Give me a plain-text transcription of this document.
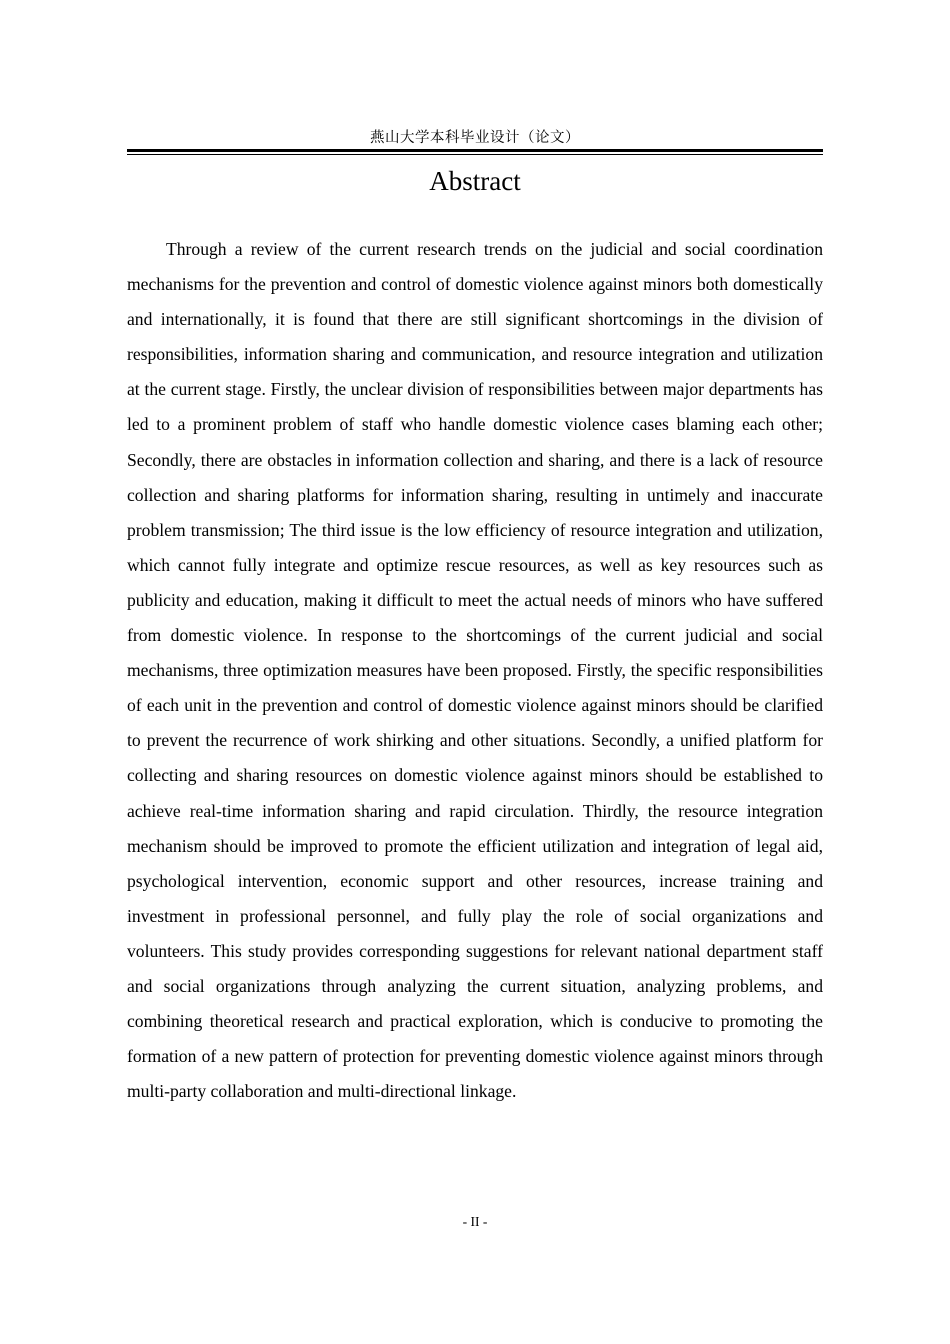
燕山大学本科毕业设计（论文）
Abstract

Through a review of the current research trends on the judicial and social coordination mechanisms for the prevention and control of domestic violence against minors both domestically and internationally, it is found that there are still significant shortcomings in the division of responsibilities, information sharing and communication, and resource integration and utilization at the current stage. Firstly, the unclear division of responsibilities between major departments has led to a prominent problem of staff who handle domestic violence cases blaming each other; Secondly, there are obstacles in information collection and sharing, and there is a lack of resource collection and sharing platforms for information sharing, resulting in untimely and inaccurate problem transmission; The third issue is the low efficiency of resource integration and utilization, which cannot fully integrate and optimize rescue resources, as well as key resources such as publicity and education, making it difficult to meet the actual needs of minors who have suffered from domestic violence. In response to the shortcomings of the current judicial and social mechanisms, three optimization measures have been proposed. Firstly, the specific responsibilities of each unit in the prevention and control of domestic violence against minors should be clarified to prevent the recurrence of work shirking and other situations. Secondly, a unified platform for collecting and sharing resources on domestic violence against minors should be established to achieve real-time information sharing and rapid circulation. Thirdly, the resource integration mechanism should be improved to promote the efficient utilization and integration of legal aid, psychological intervention, economic support and other resources, increase training and investment in professional personnel, and fully play the role of social organizations and volunteers. This study provides corresponding suggestions for relevant national department staff and social organizations through analyzing the current situation, analyzing problems, and combining theoretical research and practical exploration, which is conducive to promoting the formation of a new pattern of protection for preventing domestic violence against minors through multi-party collaboration and multi-directional linkage.

- II -
